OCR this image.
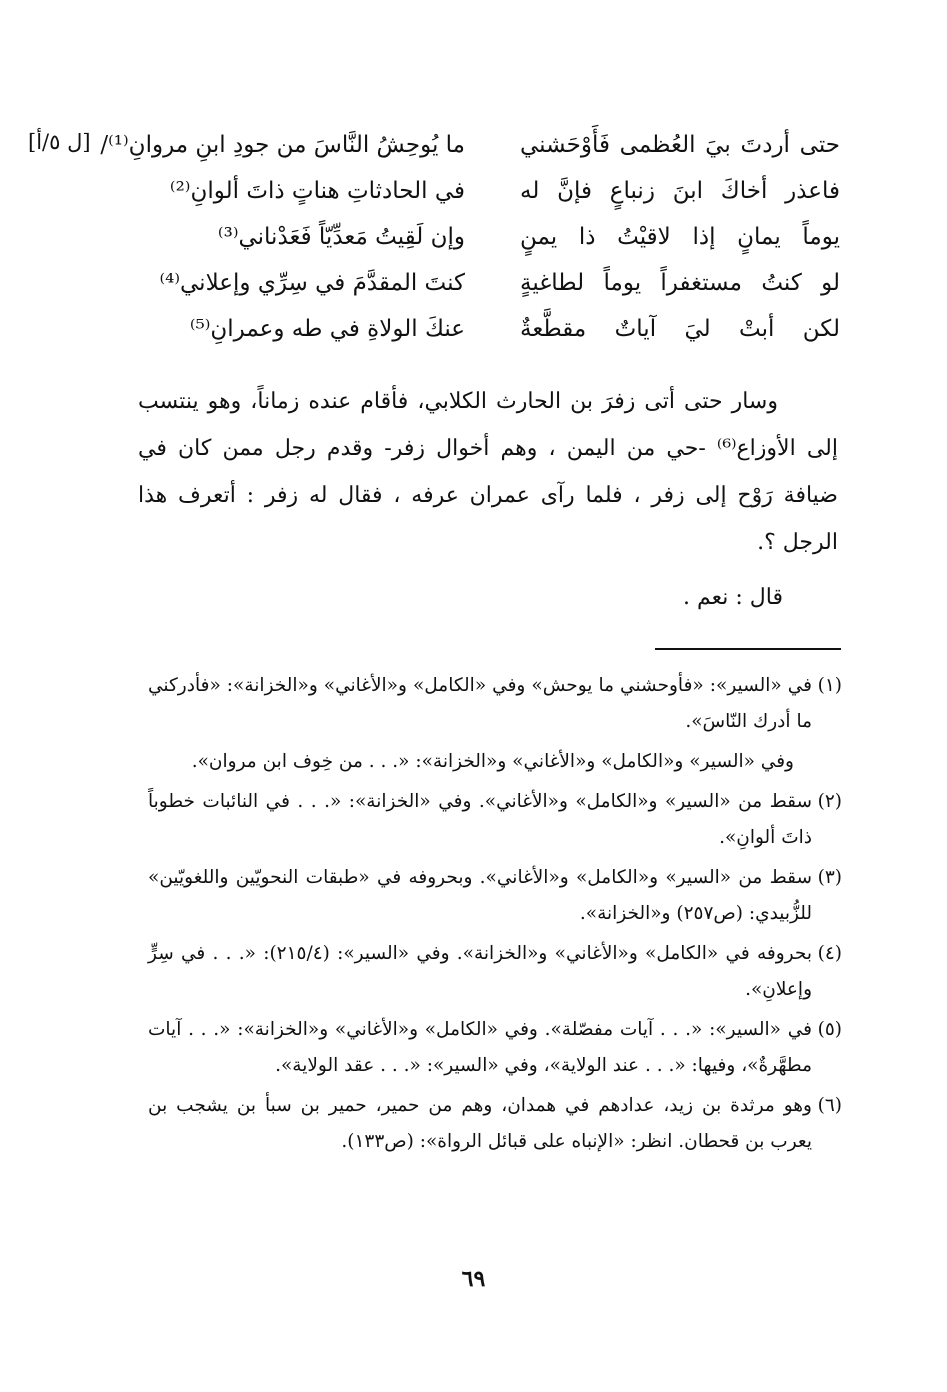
[ل ٥/أ]	حتى أردتَ بيَ العُظمى فَأَوْحَشني
ما يُوحِشُ النَّاسَ من جودِ ابنِ مروانِ⁽¹⁾/
فاعذر أخاكَ ابنَ زنباعٍ فإنَّ له
في الحادثاتِ هناتٍ ذاتَ ألوانِ⁽²⁾
يوماً يمانٍ إذا لاقيْتُ ذا يمنٍ
وإن لَقِيتُ مَعدِّيّاً فَعَدْناني⁽³⁾
لو كنتُ مستغفراً يوماً لطاغيةٍ
كنتَ المقدَّمَ في سِرِّي وإعلاني⁽⁴⁾
لكن أبتْ ليَ آياتٌ مقطَّعةٌ
عنكَ الولاةِ في طه وعمرانِ⁽⁵⁾

وسار حتى أتى زفرَ بن الحارث الكلابي، فأقام عنده زماناً، وهو ينتسب إلى الأوزاع⁽⁶⁾ -حي من اليمن ، وهم أخوال زفر- وقدم رجل ممن كان في ضيافة رَوْح إلى زفر ، فلما رآى عمران عرفه ، فقال له زفر : أتعرف هذا الرجل ؟.

قال : نعم .
(١)
في «السير»: «فأوحشني ما يوحش» وفي «الكامل» و«الأغاني» و«الخزانة»: «فأدركني ما أدرك النّاسَ».
وفي «السير» و«الكامل» و«الأغاني» و«الخزانة»: «. . . من خِوف ابن مروان».
(٢)
سقط من «السير» و«الكامل» و«الأغاني». وفي «الخزانة»: «. . . في النائبات خطوباً ذاتَ ألوانِ».
(٣)
سقط من «السير» و«الكامل» و«الأغاني». وبحروفه في «طبقات النحويّين واللغويّين» للزُّبيدي: (ص٢٥٧) و«الخزانة».
(٤)
بحروفه في «الكامل» و«الأغاني» و«الخزانة». وفي «السير»: (٢١٥/٤): «. . . في سِرٍّ وإعلانِ».
(٥)
في «السير»: «. . . آيات مفصّلة». وفي «الكامل» و«الأغاني» و«الخزانة»: «. . . آيات مطهَّرةٌ»، وفيها: «. . . عند الولاية»، وفي «السير»: «. . . عقد الولاية».
(٦)
وهو مرثدة بن زيد، عدادهم في همدان، وهم من حمير، حمير بن سبأ بن يشجب بن يعرب بن قحطان. انظر: «الإنباه على قبائل الرواة»: (ص١٣٣).
٦٩
